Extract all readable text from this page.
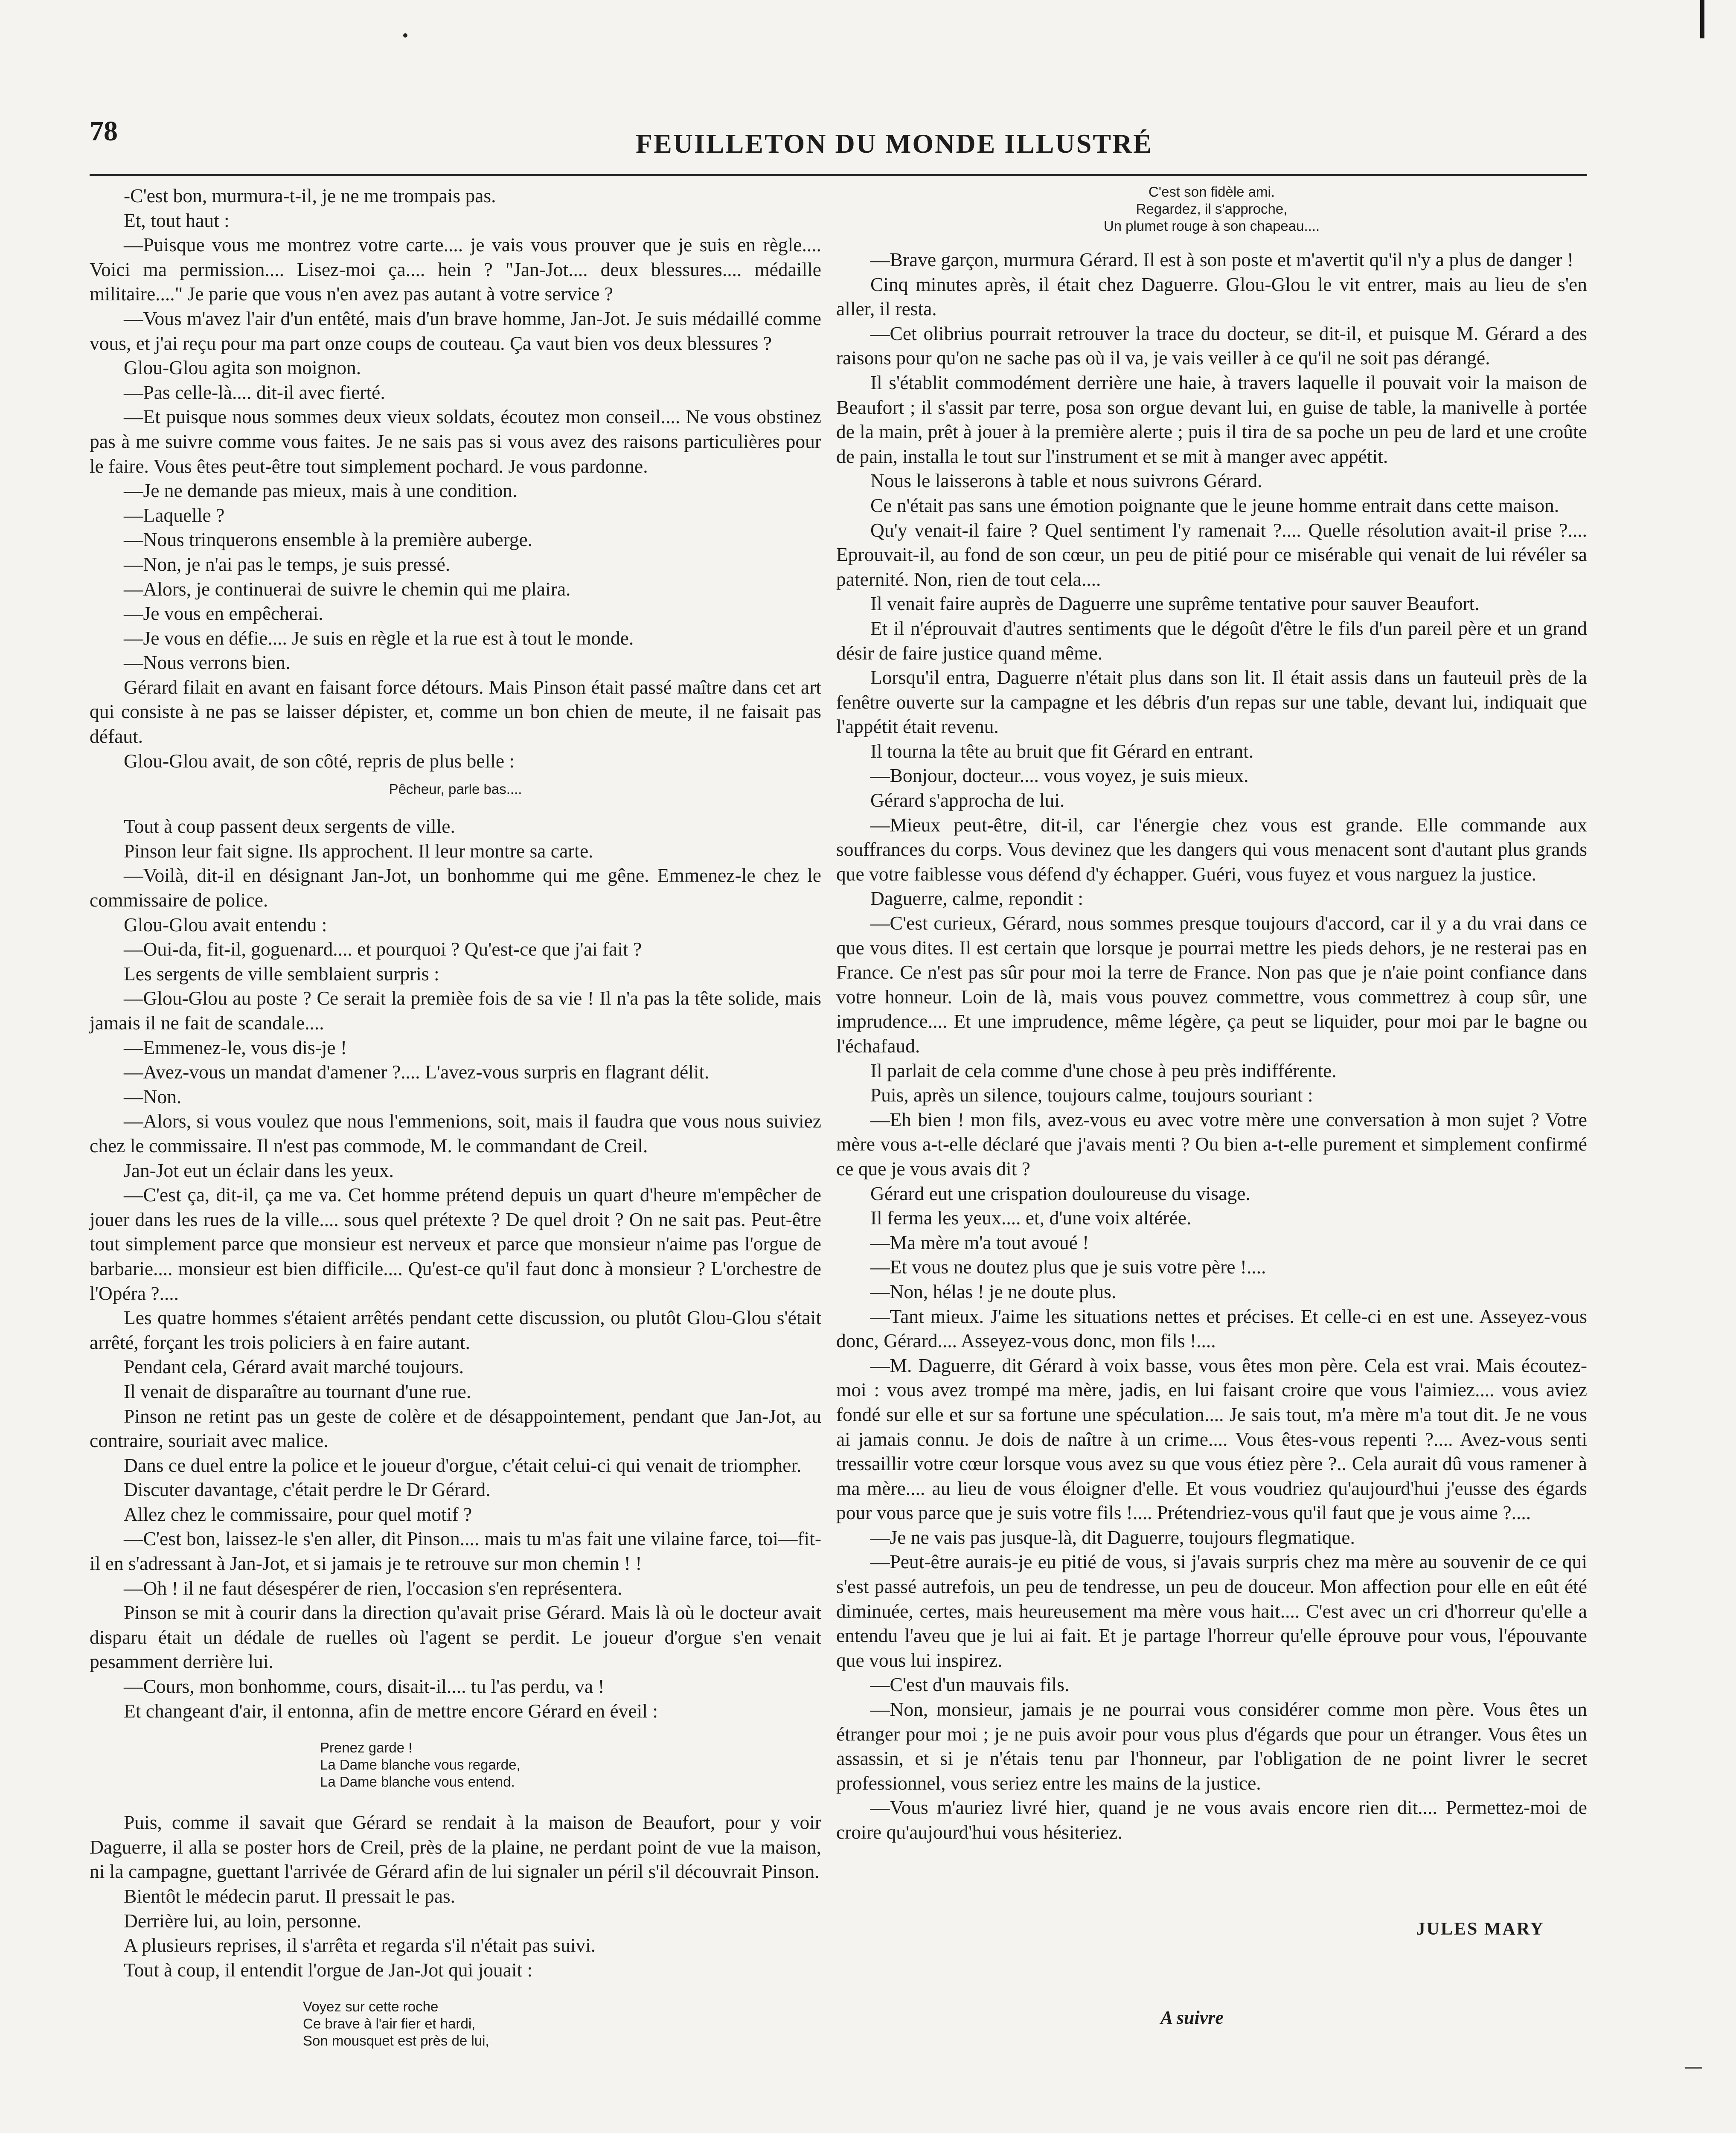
78	FEUILLETON DU MONDE ILLUSTRÉ

-C'est bon, murmura-t-il, je ne me trompais pas.

Et, tout haut :

—Puisque vous me montrez votre carte.... je vais vous prouver que je suis en règle.... Voici ma permission.... Lisez-moi ça.... hein ? "Jan-Jot.... deux blessures.... médaille militaire...." Je parie que vous n'en avez pas autant à votre service ?

—Vous m'avez l'air d'un entêté, mais d'un brave homme, Jan-Jot. Je suis médaillé comme vous, et j'ai reçu pour ma part onze coups de couteau. Ça vaut bien vos deux blessures ?

Glou-Glou agita son moignon.

—Pas celle-là.... dit-il avec fierté.

—Et puisque nous sommes deux vieux soldats, écoutez mon conseil.... Ne vous obstinez pas à me suivre comme vous faites. Je ne sais pas si vous avez des raisons particulières pour le faire. Vous êtes peut-être tout simplement pochard. Je vous pardonne.

—Je ne demande pas mieux, mais à une condition.

—Laquelle ?

—Nous trinquerons ensemble à la première auberge.

—Non, je n'ai pas le temps, je suis pressé.

—Alors, je continuerai de suivre le chemin qui me plaira.

—Je vous en empêcherai.

—Je vous en défie.... Je suis en règle et la rue est à tout le monde.

—Nous verrons bien.

Gérard filait en avant en faisant force détours. Mais Pinson était passé maître dans cet art qui consiste à ne pas se laisser dépister, et, comme un bon chien de meute, il ne faisait pas défaut.

Glou-Glou avait, de son côté, repris de plus belle :

Pêcheur, parle bas....

Tout à coup passent deux sergents de ville.

Pinson leur fait signe. Ils approchent. Il leur montre sa carte.

—Voilà, dit-il en désignant Jan-Jot, un bonhomme qui me gêne. Emmenez-le chez le commissaire de police.

Glou-Glou avait entendu :

—Oui-da, fit-il, goguenard.... et pourquoi ? Qu'est-ce que j'ai fait ?

Les sergents de ville semblaient surpris :

—Glou-Glou au poste ? Ce serait la premièe fois de sa vie ! Il n'a pas la tête solide, mais jamais il ne fait de scandale....

—Emmenez-le, vous dis-je !

—Avez-vous un mandat d'amener ?.... L'avez-vous surpris en flagrant délit.

—Non.

—Alors, si vous voulez que nous l'emmenions, soit, mais il faudra que vous nous suiviez chez le commissaire. Il n'est pas commode, M. le commandant de Creil.

Jan-Jot eut un éclair dans les yeux.

—C'est ça, dit-il, ça me va. Cet homme prétend depuis un quart d'heure m'empêcher de jouer dans les rues de la ville.... sous quel prétexte ? De quel droit ? On ne sait pas. Peut-être tout simplement parce que monsieur est nerveux et parce que monsieur n'aime pas l'orgue de barbarie.... monsieur est bien difficile.... Qu'est-ce qu'il faut donc à monsieur ? L'orchestre de l'Opéra ?....

Les quatre hommes s'étaient arrêtés pendant cette discussion, ou plutôt Glou-Glou s'était arrêté, forçant les trois policiers à en faire autant.

Pendant cela, Gérard avait marché toujours.

Il venait de disparaître au tournant d'une rue.

Pinson ne retint pas un geste de colère et de désappointement, pendant que Jan-Jot, au contraire, souriait avec malice.

Dans ce duel entre la police et le joueur d'orgue, c'était celui-ci qui venait de triompher.

Discuter davantage, c'était perdre le Dr Gérard.

Allez chez le commissaire, pour quel motif ?

—C'est bon, laissez-le s'en aller, dit Pinson.... mais tu m'as fait une vilaine farce, toi—fit-il en s'adressant à Jan-Jot, et si jamais je te retrouve sur mon chemin ! !

—Oh ! il ne faut désespérer de rien, l'occasion s'en représentera.

Pinson se mit à courir dans la direction qu'avait prise Gérard. Mais là où le docteur avait disparu était un dédale de ruelles où l'agent se perdit. Le joueur d'orgue s'en venait pesamment derrière lui.

—Cours, mon bonhomme, cours, disait-il.... tu l'as perdu, va !

Et changeant d'air, il entonna, afin de mettre encore Gérard en éveil :

Prenez garde !
La Dame blanche vous regarde,
La Dame blanche vous entend.

Puis, comme il savait que Gérard se rendait à la maison de Beaufort, pour y voir Daguerre, il alla se poster hors de Creil, près de la plaine, ne perdant point de vue la maison, ni la campagne, guettant l'arrivée de Gérard afin de lui signaler un péril s'il découvrait Pinson.

Bientôt le médecin parut. Il pressait le pas.

Derrière lui, au loin, personne.

A plusieurs reprises, il s'arrêta et regarda s'il n'était pas suivi.

Tout à coup, il entendit l'orgue de Jan-Jot qui jouait :

Voyez sur cette roche
Ce brave à l'air fier et hardi,
Son mousquet est près de lui,
C'est son fidèle ami.
Regardez, il s'approche,
Un plumet rouge à son chapeau....

—Brave garçon, murmura Gérard. Il est à son poste et m'avertit qu'il n'y a plus de danger !

Cinq minutes après, il était chez Daguerre. Glou-Glou le vit entrer, mais au lieu de s'en aller, il resta.

—Cet olibrius pourrait retrouver la trace du docteur, se dit-il, et puisque M. Gérard a des raisons pour qu'on ne sache pas où il va, je vais veiller à ce qu'il ne soit pas dérangé.

Il s'établit commodément derrière une haie, à travers laquelle il pouvait voir la maison de Beaufort ; il s'assit par terre, posa son orgue devant lui, en guise de table, la manivelle à portée de la main, prêt à jouer à la première alerte ; puis il tira de sa poche un peu de lard et une croûte de pain, installa le tout sur l'instrument et se mit à manger avec appétit.

Nous le laisserons à table et nous suivrons Gérard.

Ce n'était pas sans une émotion poignante que le jeune homme entrait dans cette maison.

Qu'y venait-il faire ? Quel sentiment l'y ramenait ?.... Quelle résolution avait-il prise ?.... Eprouvait-il, au fond de son cœur, un peu de pitié pour ce misérable qui venait de lui révéler sa paternité. Non, rien de tout cela....

Il venait faire auprès de Daguerre une suprême tentative pour sauver Beaufort.

Et il n'éprouvait d'autres sentiments que le dégoût d'être le fils d'un pareil père et un grand désir de faire justice quand même.

Lorsqu'il entra, Daguerre n'était plus dans son lit. Il était assis dans un fauteuil près de la fenêtre ouverte sur la campagne et les débris d'un repas sur une table, devant lui, indiquait que l'appétit était revenu.

Il tourna la tête au bruit que fit Gérard en entrant.

—Bonjour, docteur.... vous voyez, je suis mieux.

Gérard s'approcha de lui.

—Mieux peut-être, dit-il, car l'énergie chez vous est grande. Elle commande aux souffrances du corps. Vous devinez que les dangers qui vous menacent sont d'autant plus grands que votre faiblesse vous défend d'y échapper. Guéri, vous fuyez et vous narguez la justice.

Daguerre, calme, repondit :

—C'est curieux, Gérard, nous sommes presque toujours d'accord, car il y a du vrai dans ce que vous dites. Il est certain que lorsque je pourrai mettre les pieds dehors, je ne resterai pas en France. Ce n'est pas sûr pour moi la terre de France. Non pas que je n'aie point confiance dans votre honneur. Loin de là, mais vous pouvez commettre, vous commettrez à coup sûr, une imprudence.... Et une imprudence, même légère, ça peut se liquider, pour moi par le bagne ou l'échafaud.

Il parlait de cela comme d'une chose à peu près indifférente.

Puis, après un silence, toujours calme, toujours souriant :

—Eh bien ! mon fils, avez-vous eu avec votre mère une conversation à mon sujet ? Votre mère vous a-t-elle déclaré que j'avais menti ? Ou bien a-t-elle purement et simplement confirmé ce que je vous avais dit ?

Gérard eut une crispation douloureuse du visage.

Il ferma les yeux.... et, d'une voix altérée.

—Ma mère m'a tout avoué !

—Et vous ne doutez plus que je suis votre père !....

—Non, hélas ! je ne doute plus.

—Tant mieux. J'aime les situations nettes et précises. Et celle-ci en est une. Asseyez-vous donc, Gérard.... Asseyez-vous donc, mon fils !....

—M. Daguerre, dit Gérard à voix basse, vous êtes mon père. Cela est vrai. Mais écoutez-moi : vous avez trompé ma mère, jadis, en lui faisant croire que vous l'aimiez.... vous aviez fondé sur elle et sur sa fortune une spéculation.... Je sais tout, m'a mère m'a tout dit. Je ne vous ai jamais connu. Je dois de naître à un crime.... Vous êtes-vous repenti ?.... Avez-vous senti tressaillir votre cœur lorsque vous avez su que vous étiez père ?.. Cela aurait dû vous ramener à ma mère.... au lieu de vous éloigner d'elle. Et vous voudriez qu'aujourd'hui j'eusse des égards pour vous parce que je suis votre fils !.... Prétendriez-vous qu'il faut que je vous aime ?....

—Je ne vais pas jusque-là, dit Daguerre, toujours flegmatique.

—Peut-être aurais-je eu pitié de vous, si j'avais surpris chez ma mère au souvenir de ce qui s'est passé autrefois, un peu de tendresse, un peu de douceur. Mon affection pour elle en eût été diminuée, certes, mais heureusement ma mère vous hait.... C'est avec un cri d'horreur qu'elle a entendu l'aveu que je lui ai fait. Et je partage l'horreur qu'elle éprouve pour vous, l'épouvante que vous lui inspirez.

—C'est d'un mauvais fils.

—Non, monsieur, jamais je ne pourrai vous considérer comme mon père. Vous êtes un étranger pour moi ; je ne puis avoir pour vous plus d'égards que pour un étranger. Vous êtes un assassin, et si je n'étais tenu par l'honneur, par l'obligation de ne point livrer le secret professionnel, vous seriez entre les mains de la justice.

—Vous m'auriez livré hier, quand je ne vous avais encore rien dit.... Permettez-moi de croire qu'aujourd'hui vous hésiteriez.

JULES MARY
A suivre
